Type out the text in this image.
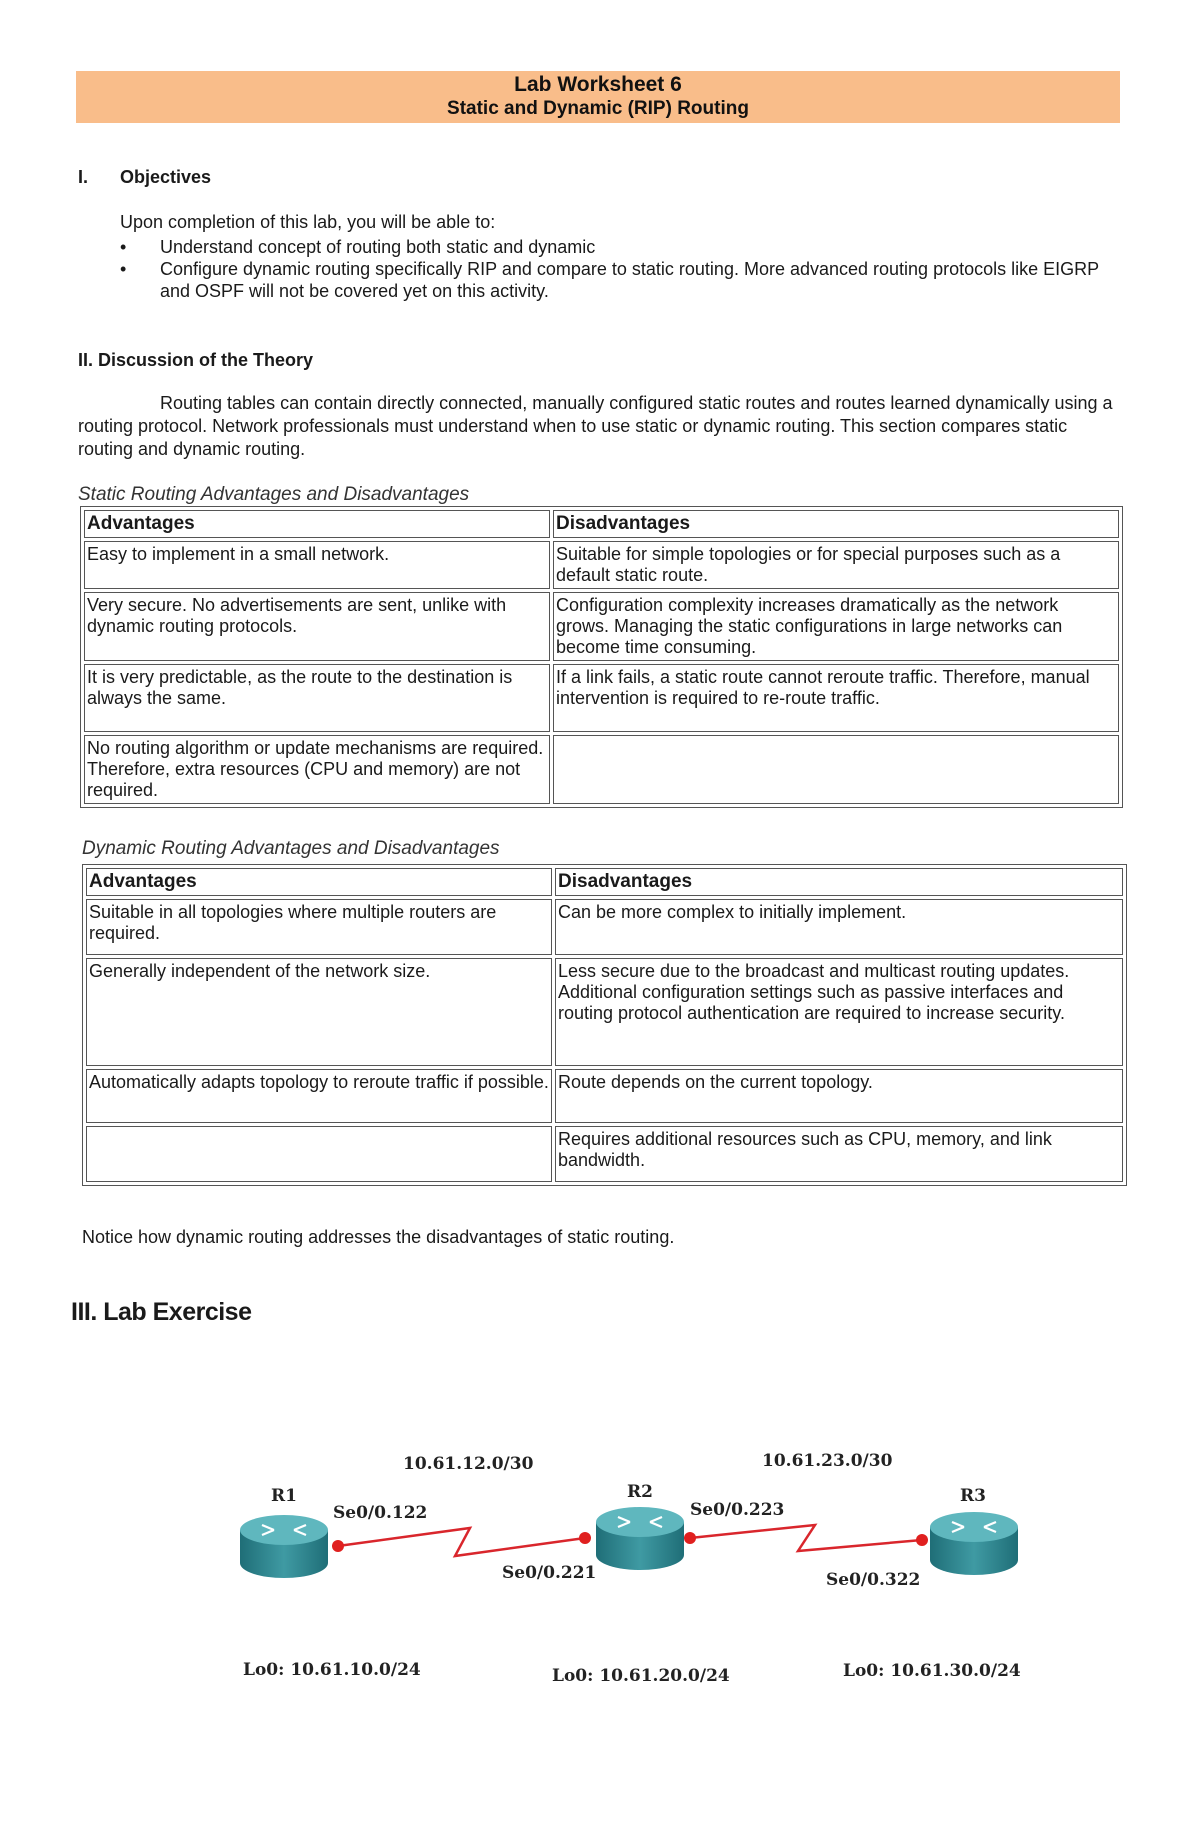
Lab Worksheet 6
Static and Dynamic (RIP) Routing
I. Objectives
Upon completion of this lab, you will be able to:
• Understand concept of routing both static and dynamic
• Configure dynamic routing specifically RIP and compare to static routing. More advanced routing protocols like EIGRP and OSPF will not be covered yet on this activity.
II. Discussion of the Theory
Routing tables can contain directly connected, manually configured static routes and routes learned dynamically using a routing protocol. Network professionals must understand when to use static or dynamic routing. This section compares static routing and dynamic routing.
Static Routing Advantages and Disadvantages
Advantages	Disadvantages
Easy to implement in a small network.	Suitable for simple topologies or for special purposes such as a default static route.
Very secure. No advertisements are sent, unlike with dynamic routing protocols.	Configuration complexity increases dramatically as the network grows. Managing the static configurations in large networks can become time consuming.
It is very predictable, as the route to the destination is always the same.	If a link fails, a static route cannot reroute traffic. Therefore, manual intervention is required to re-route traffic.
No routing algorithm or update mechanisms are required. Therefore, extra resources (CPU and memory) are not required.	
Dynamic Routing Advantages and Disadvantages
Advantages	Disadvantages
Suitable in all topologies where multiple routers are required.	Can be more complex to initially implement.
Generally independent of the network size.	Less secure due to the broadcast and multicast routing updates. Additional configuration settings such as passive interfaces and routing protocol authentication are required to increase security.
Automatically adapts topology to reroute traffic if possible.	Route depends on the current topology.
	Requires additional resources such as CPU, memory, and link bandwidth.
Notice how dynamic routing addresses the disadvantages of static routing.
III. Lab Exercise
10.61.12.0/30	10.61.23.0/30
R1
Se0/0.122
Lo0: 10.61.10.0/24
R2
Se0/0.221
Se0/0.223
Lo0: 10.61.20.0/24
R3
Se0/0.322
Lo0: 10.61.30.0/24
